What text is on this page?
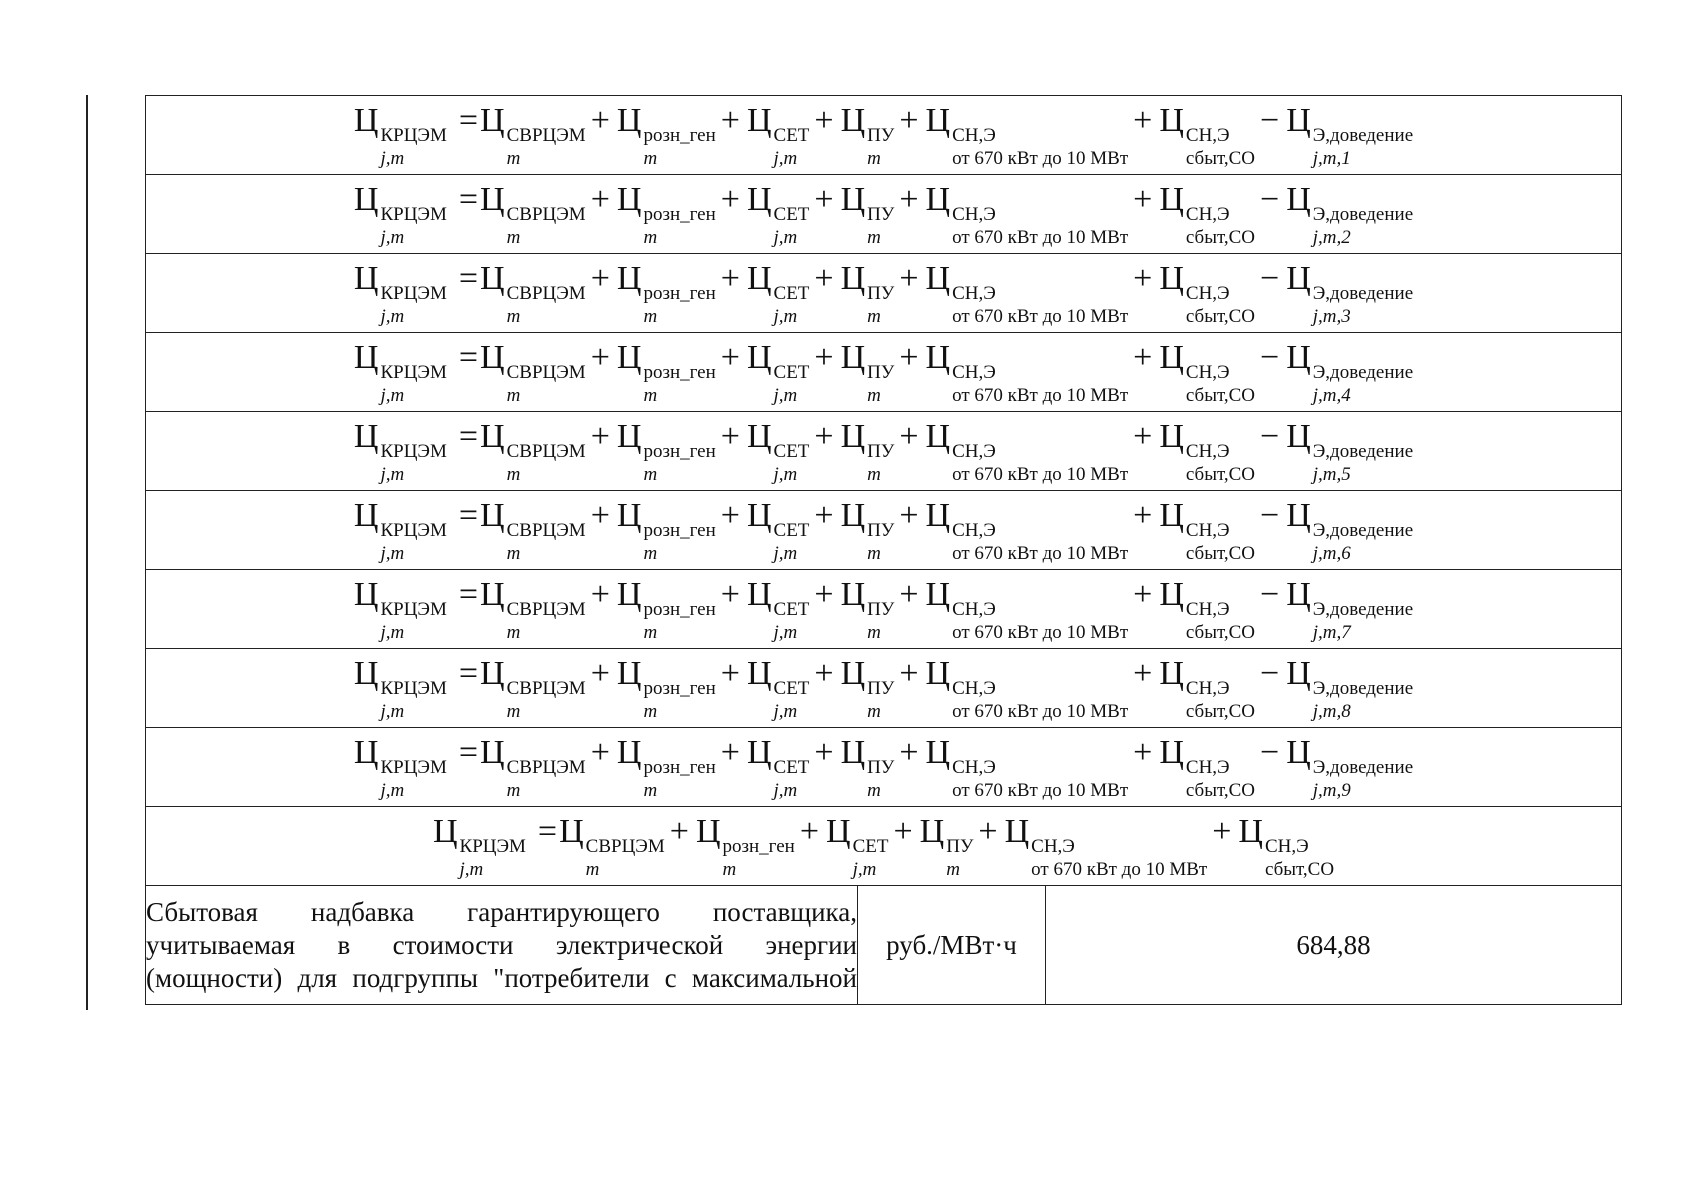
Ц КРЦЭМ
j,m
=Ц СВРЦЭМ
m
+ Ц розн_ген
m
+ Ц СЕТ
j,m
+ Ц ПУ
m
+ Ц СН,Э
от 670 кВт до 10 МВт
+ Ц СН,Э
сбыт,СО
− Ц Э,доведение
j,m,1

Ц КРЦЭМ
j,m
=Ц СВРЦЭМ
m
+ Ц розн_ген
m
+ Ц СЕТ
j,m
+ Ц ПУ
m
+ Ц СН,Э
от 670 кВт до 10 МВт
+ Ц СН,Э
сбыт,СО
− Ц Э,доведение
j,m,2

Ц КРЦЭМ
j,m
=Ц СВРЦЭМ
m
+ Ц розн_ген
m
+ Ц СЕТ
j,m
+ Ц ПУ
m
+ Ц СН,Э
от 670 кВт до 10 МВт
+ Ц СН,Э
сбыт,СО
− Ц Э,доведение
j,m,3

Ц КРЦЭМ
j,m
=Ц СВРЦЭМ
m
+ Ц розн_ген
m
+ Ц СЕТ
j,m
+ Ц ПУ
m
+ Ц СН,Э
от 670 кВт до 10 МВт
+ Ц СН,Э
сбыт,СО
− Ц Э,доведение
j,m,4

Ц КРЦЭМ
j,m
=Ц СВРЦЭМ
m
+ Ц розн_ген
m
+ Ц СЕТ
j,m
+ Ц ПУ
m
+ Ц СН,Э
от 670 кВт до 10 МВт
+ Ц СН,Э
сбыт,СО
− Ц Э,доведение
j,m,5

Ц КРЦЭМ
j,m
=Ц СВРЦЭМ
m
+ Ц розн_ген
m
+ Ц СЕТ
j,m
+ Ц ПУ
m
+ Ц СН,Э
от 670 кВт до 10 МВт
+ Ц СН,Э
сбыт,СО
− Ц Э,доведение
j,m,6

Ц КРЦЭМ
j,m
=Ц СВРЦЭМ
m
+ Ц розн_ген
m
+ Ц СЕТ
j,m
+ Ц ПУ
m
+ Ц СН,Э
от 670 кВт до 10 МВт
+ Ц СН,Э
сбыт,СО
− Ц Э,доведение
j,m,7

Ц КРЦЭМ
j,m
=Ц СВРЦЭМ
m
+ Ц розн_ген
m
+ Ц СЕТ
j,m
+ Ц ПУ
m
+ Ц СН,Э
от 670 кВт до 10 МВт
+ Ц СН,Э
сбыт,СО
− Ц Э,доведение
j,m,8

Ц КРЦЭМ
j,m
=Ц СВРЦЭМ
m
+ Ц розн_ген
m
+ Ц СЕТ
j,m
+ Ц ПУ
m
+ Ц СН,Э
от 670 кВт до 10 МВт
+ Ц СН,Э
сбыт,СО
− Ц Э,доведение
j,m,9

Ц КРЦЭМ
j,m
=Ц СВРЦЭМ
m
+ Ц розн_ген
m
+ Ц СЕТ
j,m
+ Ц ПУ
m
+ Ц СН,Э
от 670 кВт до 10 МВт
+ Ц СН,Э
сбыт,СО

Сбытовая надбавка гарантирующего поставщика, учитываемая в стоимости электрической энергии (мощности) для подгруппы "потребители с максимальной	руб./МВт·ч	684,88
